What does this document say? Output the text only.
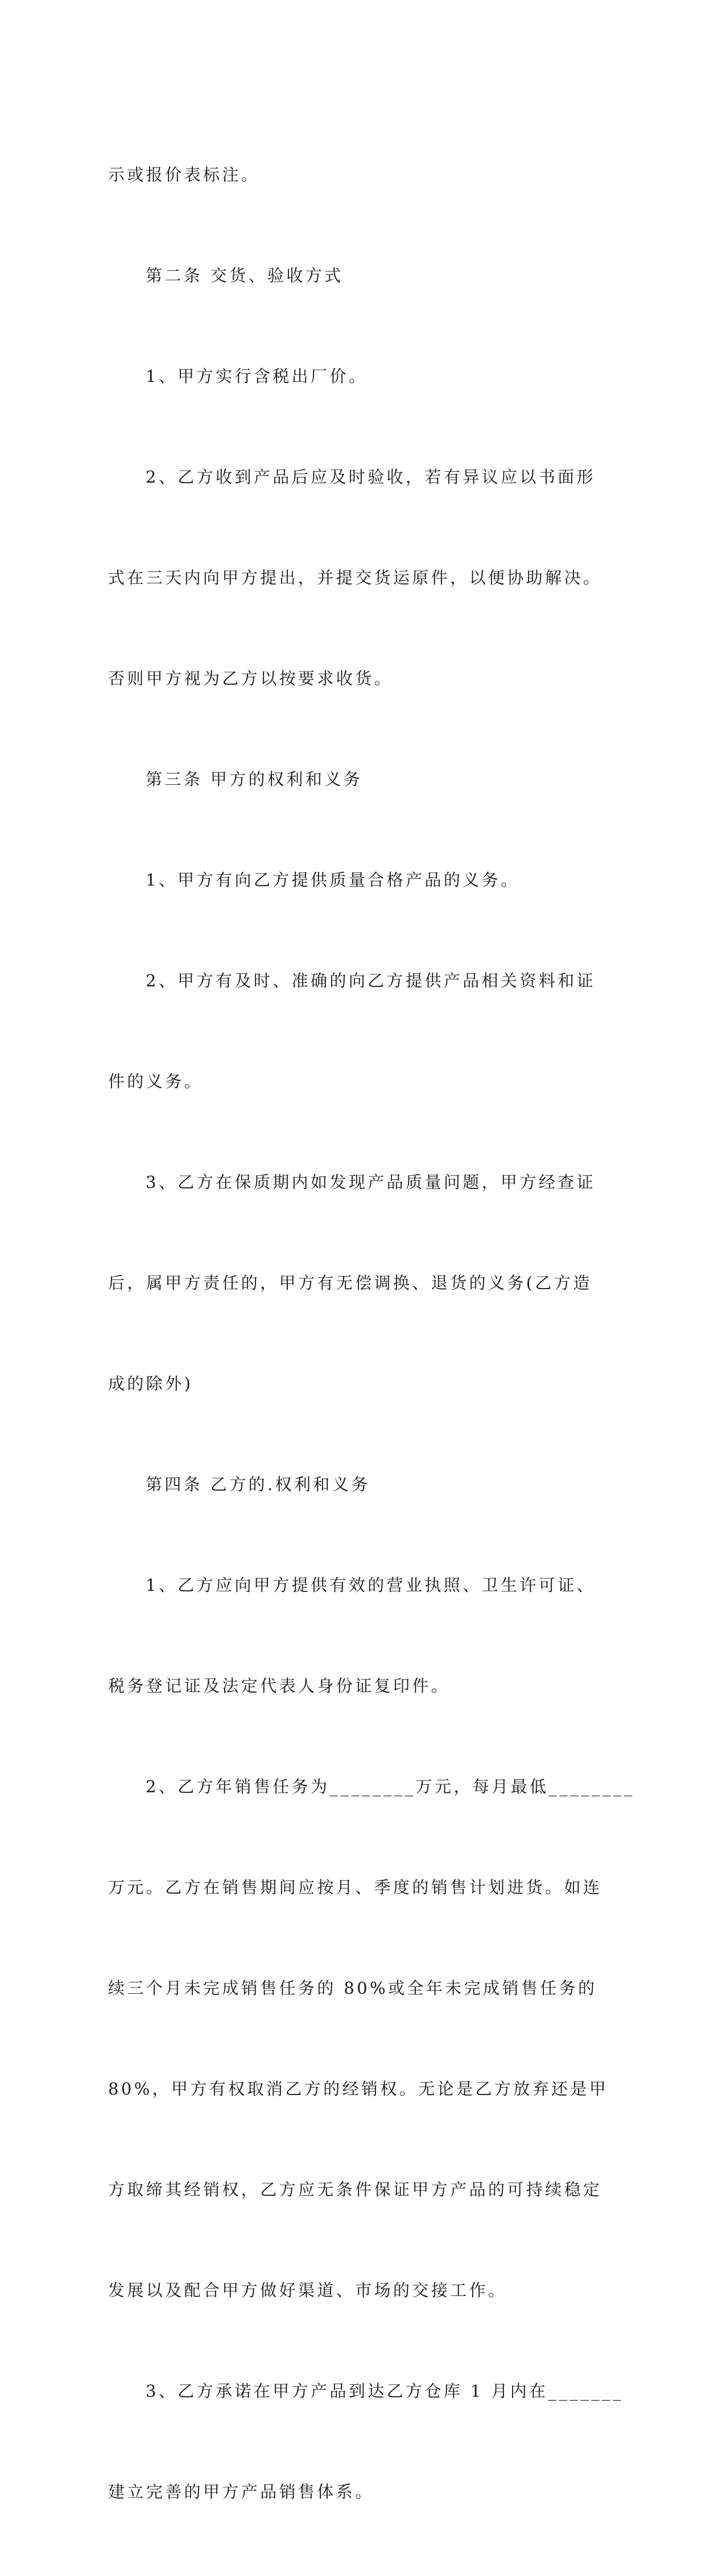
示或报价表标注。

第二条 交货、验收方式

1、甲方实行含税出厂价。

2、乙方收到产品后应及时验收，若有异议应以书面形

式在三天内向甲方提出，并提交货运原件，以便协助解决。

否则甲方视为乙方以按要求收货。

第三条 甲方的权利和义务

1、甲方有向乙方提供质量合格产品的义务。

2、甲方有及时、准确的向乙方提供产品相关资料和证

件的义务。

3、乙方在保质期内如发现产品质量问题，甲方经查证

后，属甲方责任的，甲方有无偿调换、退货的义务(乙方造

成的除外)

第四条 乙方的.权利和义务

1、乙方应向甲方提供有效的营业执照、卫生许可证、

税务登记证及法定代表人身份证复印件。

2、乙方年销售任务为________万元，每月最低________

万元。乙方在销售期间应按月、季度的销售计划进货。如连

续三个月未完成销售任务的 80%或全年未完成销售任务的

80%，甲方有权取消乙方的经销权。无论是乙方放弃还是甲

方取缔其经销权，乙方应无条件保证甲方产品的可持续稳定

发展以及配合甲方做好渠道、市场的交接工作。

3、乙方承诺在甲方产品到达乙方仓库 1 月内在_______

建立完善的甲方产品销售体系。
